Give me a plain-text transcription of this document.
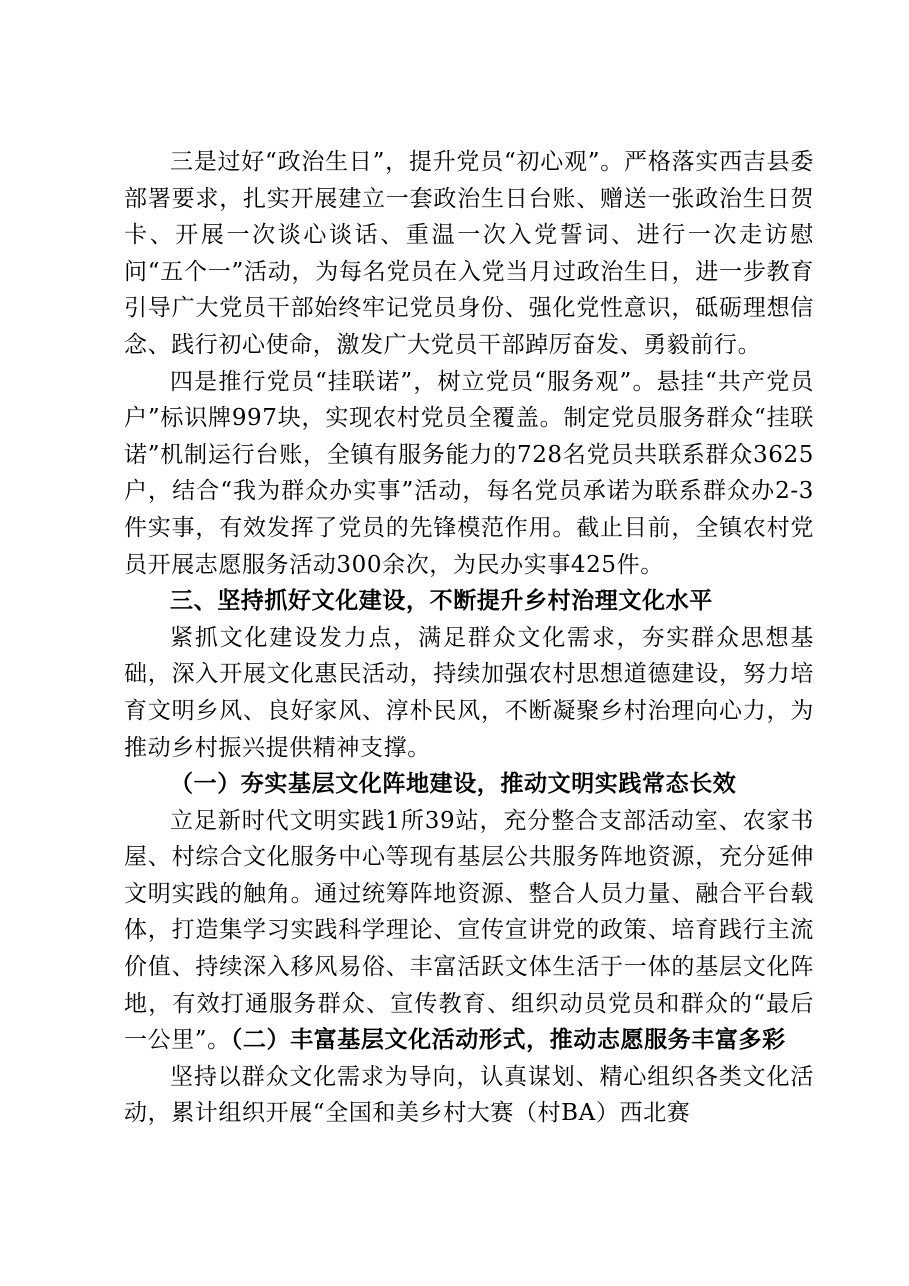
三是过好“政治生日”，提升党员“初心观”。严格落实西吉县委部署要求，扎实开展建立一套政治生日台账、赠送一张政治生日贺卡、开展一次谈心谈话、重温一次入党誓词、进行一次走访慰问“五个一”活动，为每名党员在入党当月过政治生日，进一步教育引导广大党员干部始终牢记党员身份、强化党性意识，砥砺理想信念、践行初心使命，激发广大党员干部踔厉奋发、勇毅前行。

四是推行党员“挂联诺”，树立党员“服务观”。悬挂“共产党员户”标识牌997块，实现农村党员全覆盖。制定党员服务群众“挂联诺”机制运行台账，全镇有服务能力的728名党员共联系群众3625户，结合“我为群众办实事”活动，每名党员承诺为联系群众办2-3件实事，有效发挥了党员的先锋模范作用。截止目前，全镇农村党员开展志愿服务活动300余次，为民办实事425件。

三、坚持抓好文化建设，不断提升乡村治理文化水平

紧抓文化建设发力点，满足群众文化需求，夯实群众思想基础，深入开展文化惠民活动，持续加强农村思想道德建设，努力培育文明乡风、良好家风、淳朴民风，不断凝聚乡村治理向心力，为推动乡村振兴提供精神支撑。

（一）夯实基层文化阵地建设，推动文明实践常态长效

立足新时代文明实践1所39站，充分整合支部活动室、农家书屋、村综合文化服务中心等现有基层公共服务阵地资源，充分延伸文明实践的触角。通过统筹阵地资源、整合人员力量、融合平台载体，打造集学习实践科学理论、宣传宣讲党的政策、培育践行主流价值、持续深入移风易俗、丰富活跃文体生活于一体的基层文化阵地，有效打通服务群众、宣传教育、组织动员党员和群众的“最后一公里”。（二）丰富基层文化活动形式，推动志愿服务丰富多彩

坚持以群众文化需求为导向，认真谋划、精心组织各类文化活动，累计组织开展“全国和美乡村大赛（村BA）西北赛
